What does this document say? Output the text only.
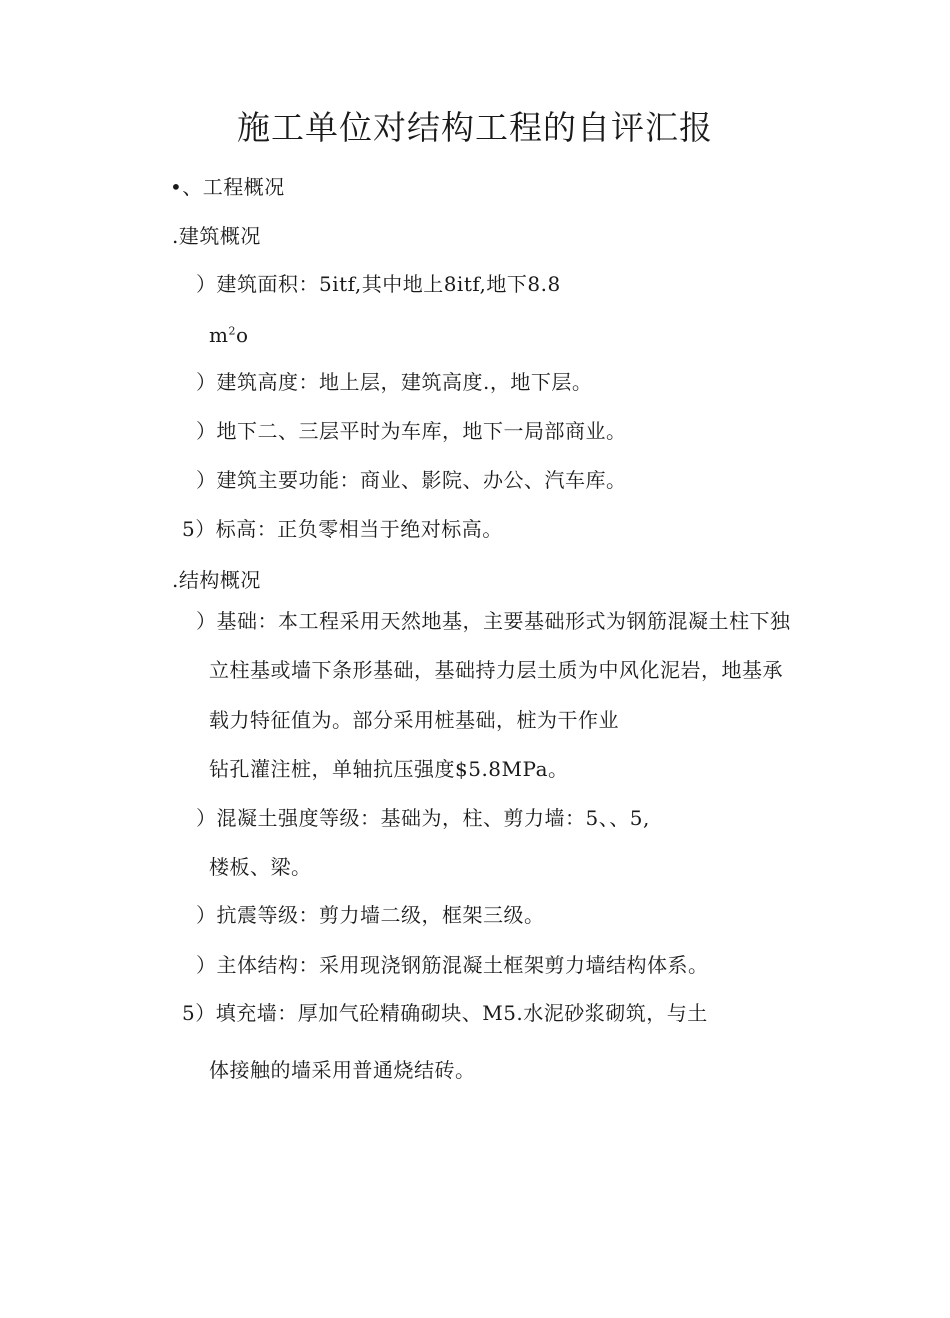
施工单位对结构工程的自评汇报
•、工程概况
.建筑概况
）建筑面积：5itf,其中地上8itf,地下8.8
$m^2o$
）建筑高度：地上层，建筑高度.，地下层。
）地下二、三层平时为车库，地下一局部商业。
）建筑主要功能：商业、影院、办公、汽车库。
5）标高：正负零相当于绝对标高。
.结构概况
）基础：本工程采用天然地基，主要基础形式为钢筋混凝土柱下独
立柱基或墙下条形基础，基础持力层土质为中风化泥岩，地基承
载力特征值为。部分采用桩基础，桩为干作业
钻孔灌注桩，单轴抗压强度$5.8MPa。
）混凝土强度等级：基础为，柱、剪力墙：5、、5,
楼板、梁。
）抗震等级：剪力墙二级，框架三级。
）主体结构：采用现浇钢筋混凝土框架剪力墙结构体系。
5）填充墙：厚加气砼精确砌块、M5.水泥砂浆砌筑，与土
体接触的墙采用普通烧结砖。
